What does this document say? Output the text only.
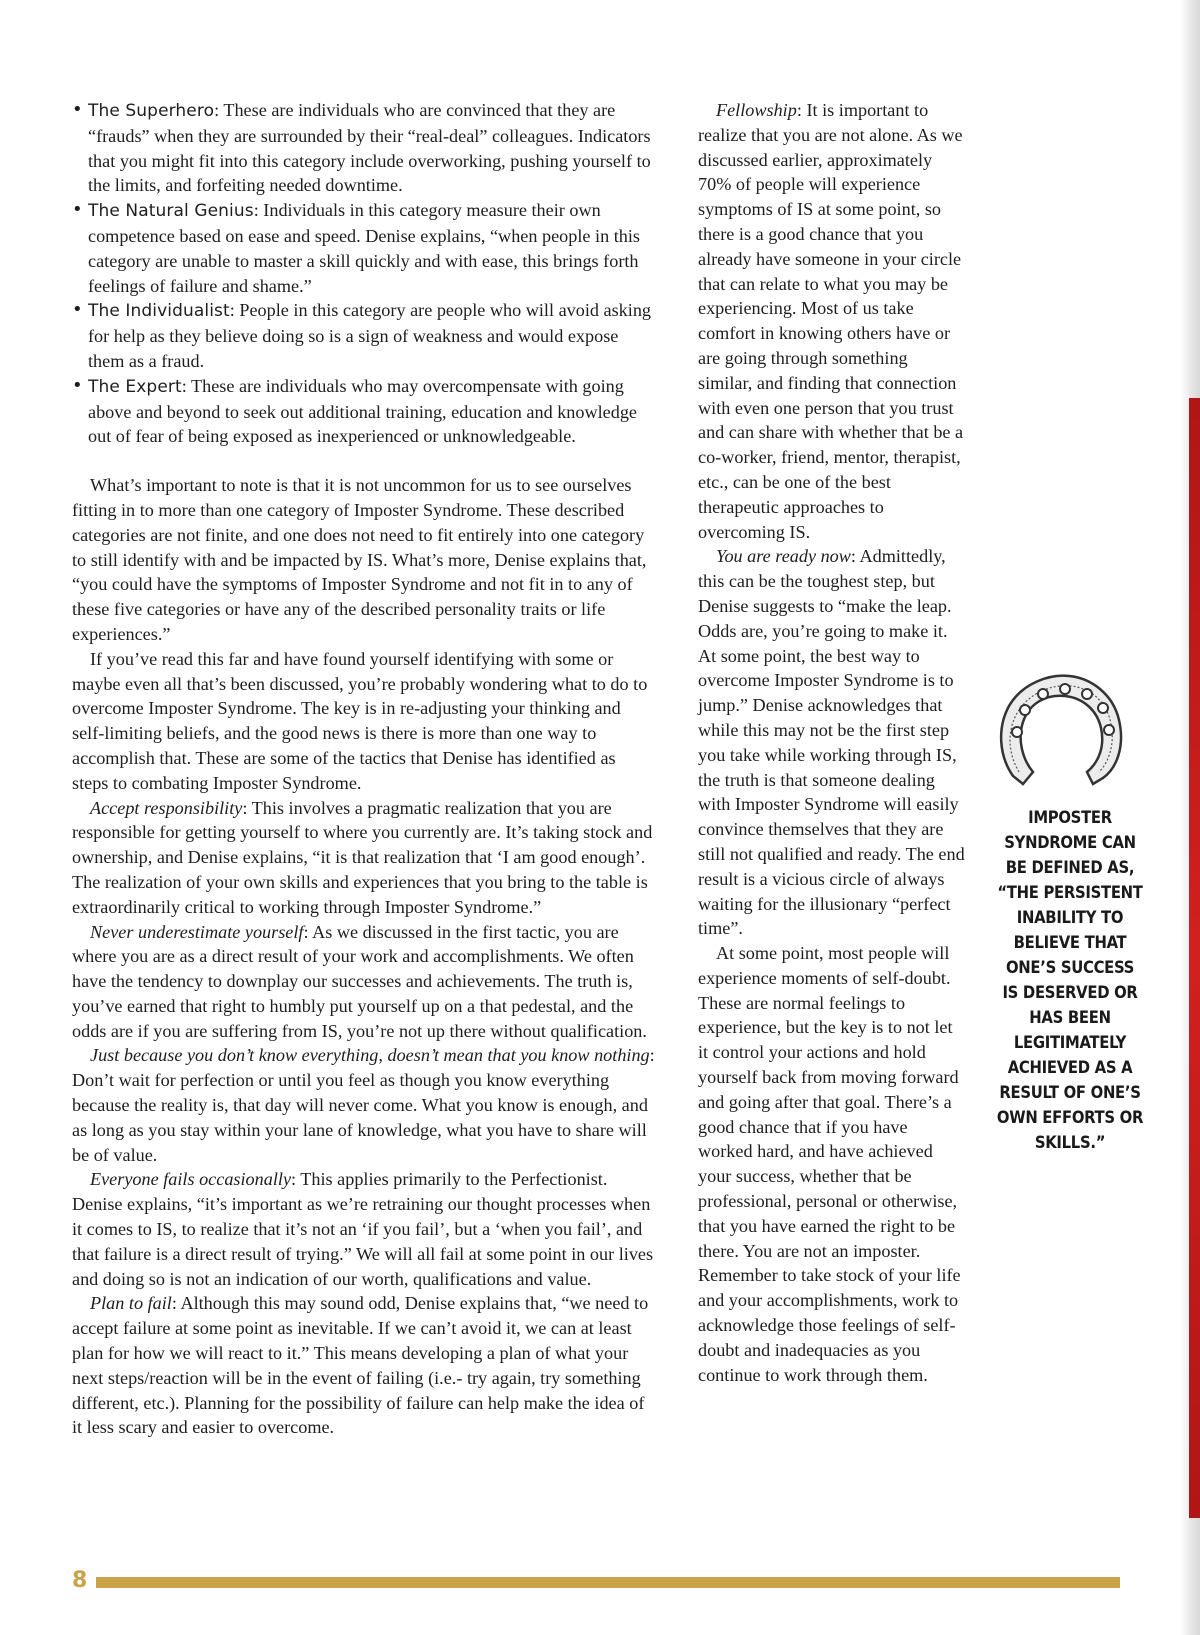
• The Superhero: These are individuals who are convinced that they are “frauds” when they are surrounded by their “real-deal” colleagues. Indicators that you might fit into this category include overworking, pushing yourself to the limits, and forfeiting needed downtime.
• The Natural Genius: Individuals in this category measure their own competence based on ease and speed. Denise explains, “when people in this category are unable to master a skill quickly and with ease, this brings forth feelings of failure and shame.”
• The Individualist: People in this category are people who will avoid asking for help as they believe doing so is a sign of weakness and would expose them as a fraud.
• The Expert: These are individuals who may overcompensate with going above and beyond to seek out additional training, education and knowledge out of fear of being exposed as inexperienced or unknowledgeable.

What’s important to note is that it is not uncommon for us to see ourselves fitting in to more than one category of Imposter Syndrome. These described categories are not finite, and one does not need to fit entirely into one category to still identify with and be impacted by IS. What’s more, Denise explains that, “you could have the symptoms of Imposter Syndrome and not fit in to any of these five categories or have any of the described personality traits or life experiences.”

If you’ve read this far and have found yourself identifying with some or maybe even all that’s been discussed, you’re probably wondering what to do to overcome Imposter Syndrome. The key is in re-adjusting your thinking and self-limiting beliefs, and the good news is there is more than one way to accomplish that. These are some of the tactics that Denise has identified as steps to combating Imposter Syndrome.

Accept responsibility: This involves a pragmatic realization that you are responsible for getting yourself to where you currently are. It’s taking stock and ownership, and Denise explains, “it is that realization that ‘I am good enough’. The realization of your own skills and experiences that you bring to the table is extraordinarily critical to working through Imposter Syndrome.”

Never underestimate yourself: As we discussed in the first tactic, you are where you are as a direct result of your work and accomplishments. We often have the tendency to downplay our successes and achievements. The truth is, you’ve earned that right to humbly put yourself up on a that pedestal, and the odds are if you are suffering from IS, you’re not up there without qualification.

Just because you don’t know everything, doesn’t mean that you know nothing: Don’t wait for perfection or until you feel as though you know everything because the reality is, that day will never come. What you know is enough, and as long as you stay within your lane of knowledge, what you have to share will be of value.

Everyone fails occasionally: This applies primarily to the Perfectionist. Denise explains, “it’s important as we’re retraining our thought processes when it comes to IS, to realize that it’s not an ‘if you fail’, but a ‘when you fail’, and that failure is a direct result of trying.” We will all fail at some point in our lives and doing so is not an indication of our worth, qualifications and value.

Plan to fail: Although this may sound odd, Denise explains that, “we need to accept failure at some point as inevitable. If we can’t avoid it, we can at least plan for how we will react to it.” This means developing a plan of what your next steps/reaction will be in the event of failing (i.e.- try again, try something different, etc.). Planning for the possibility of failure can help make the idea of it less scary and easier to overcome.

Fellowship: It is important to realize that you are not alone. As we discussed earlier, approximately 70% of people will experience symptoms of IS at some point, so there is a good chance that you already have someone in your circle that can relate to what you may be experiencing. Most of us take comfort in knowing others have or are going through something similar, and finding that connection with even one person that you trust and can share with whether that be a co-worker, friend, mentor, therapist, etc., can be one of the best therapeutic approaches to overcoming IS.

You are ready now: Admittedly, this can be the toughest step, but Denise suggests to “make the leap. Odds are, you’re going to make it. At some point, the best way to overcome Imposter Syndrome is to jump.” Denise acknowledges that while this may not be the first step you take while working through IS, the truth is that someone dealing with Imposter Syndrome will easily convince themselves that they are still not qualified and ready. The end result is a vicious circle of always waiting for the illusionary “perfect time”.

At some point, most people will experience moments of self-doubt. These are normal feelings to experience, but the key is to not let it control your actions and hold yourself back from moving forward and going after that goal. There’s a good chance that if you have worked hard, and have achieved your success, whether that be professional, personal or otherwise, that you have earned the right to be there. You are not an imposter. Remember to take stock of your life and your accomplishments, work to acknowledge those feelings of self-doubt and inadequacies as you continue to work through them.

IMPOSTER SYNDROME CAN BE DEFINED AS, “THE PERSISTENT INABILITY TO BELIEVE THAT ONE’S SUCCESS IS DESERVED OR HAS BEEN LEGITIMATELY ACHIEVED AS A RESULT OF ONE’S OWN EFFORTS OR SKILLS.”
8
